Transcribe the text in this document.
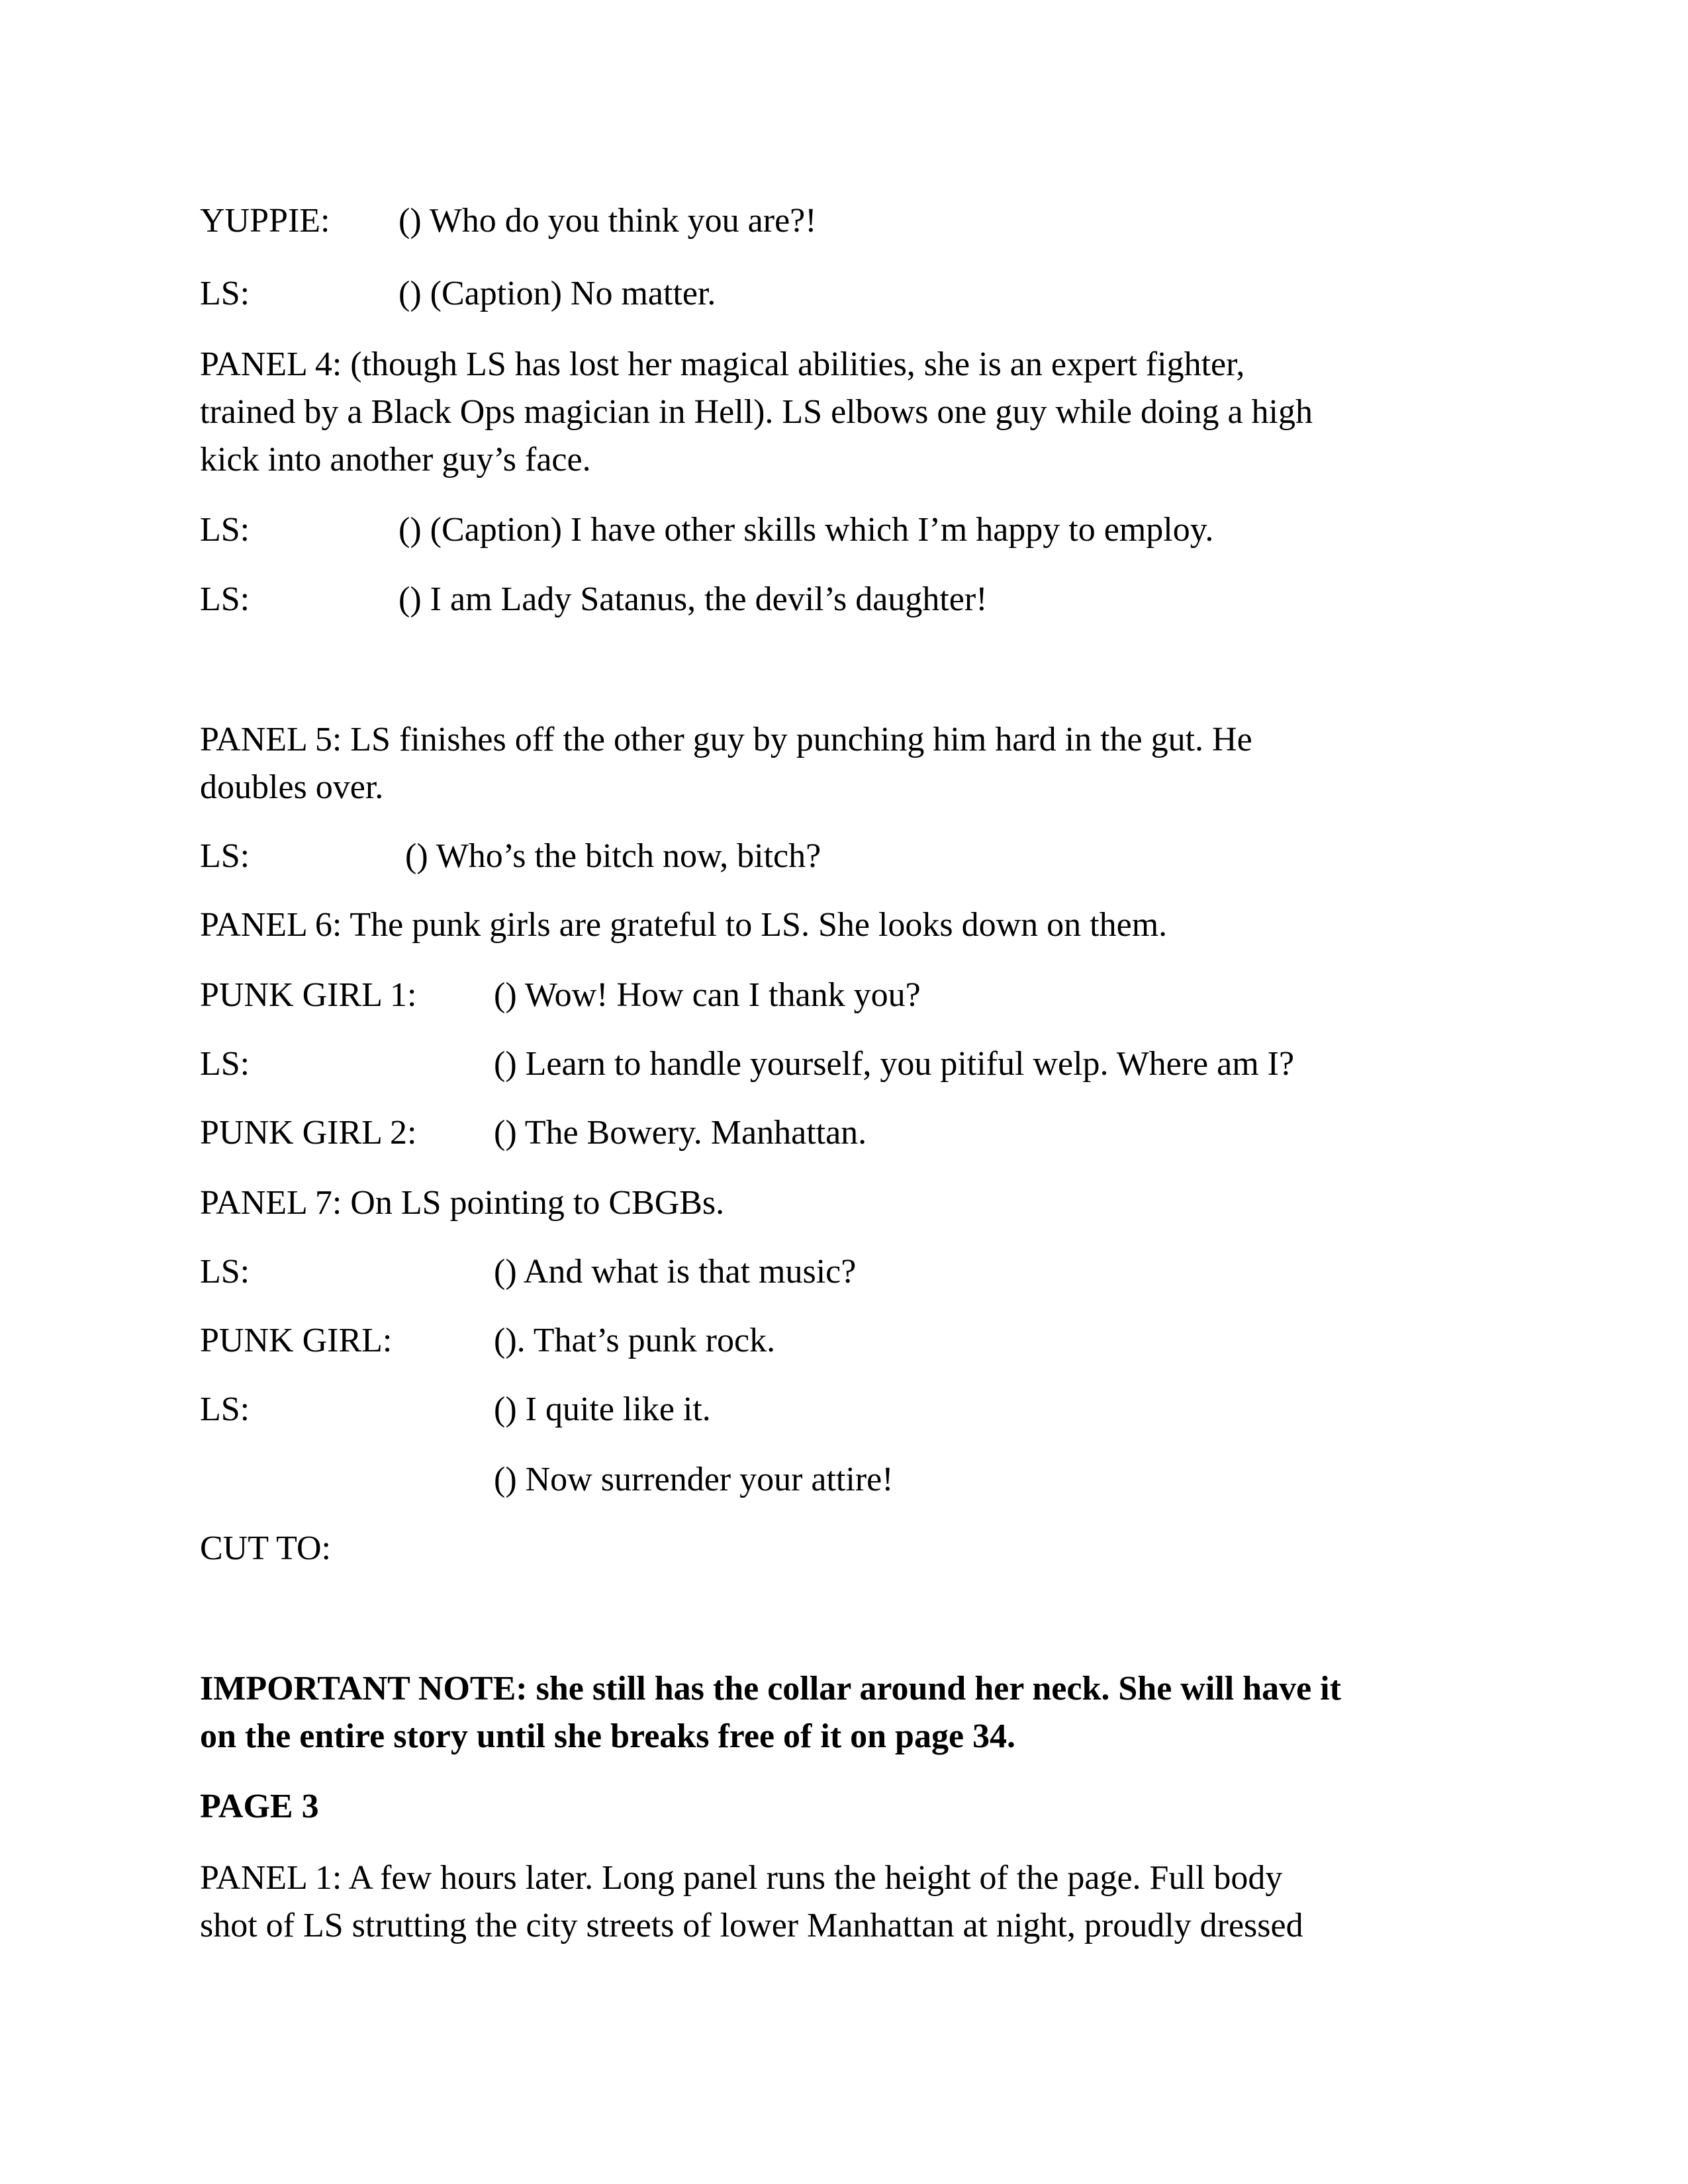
YUPPIE: () Who do you think you are?!
LS:	() (Caption) No matter.
PANEL 4: (though LS has lost her magical abilities, she is an expert fighter,
trained by a Black Ops magician in Hell). LS elbows one guy while doing a high
kick into another guy’s face.
LS:	() (Caption) I have other skills which I’m happy to employ.
LS:	() I am Lady Satanus, the devil’s daughter!
PANEL 5: LS finishes off the other guy by punching him hard in the gut. He
doubles over.
LS:	() Who’s the bitch now, bitch?
PANEL 6: The punk girls are grateful to LS. She looks down on them.
PUNK GIRL 1: () Wow! How can I thank you?
LS:	() Learn to handle yourself, you pitiful welp. Where am I?
PUNK GIRL 2: () The Bowery. Manhattan.
PANEL 7: On LS pointing to CBGBs.
LS:	() And what is that music?
PUNK GIRL:	(). That’s punk rock.
LS:	() I quite like it.
() Now surrender your attire!
CUT TO:
IMPORTANT NOTE: she still has the collar around her neck. She will have it
on the entire story until she breaks free of it on page 34.
PAGE 3
PANEL 1: A few hours later. Long panel runs the height of the page. Full body
shot of LS strutting the city streets of lower Manhattan at night, proudly dressed
